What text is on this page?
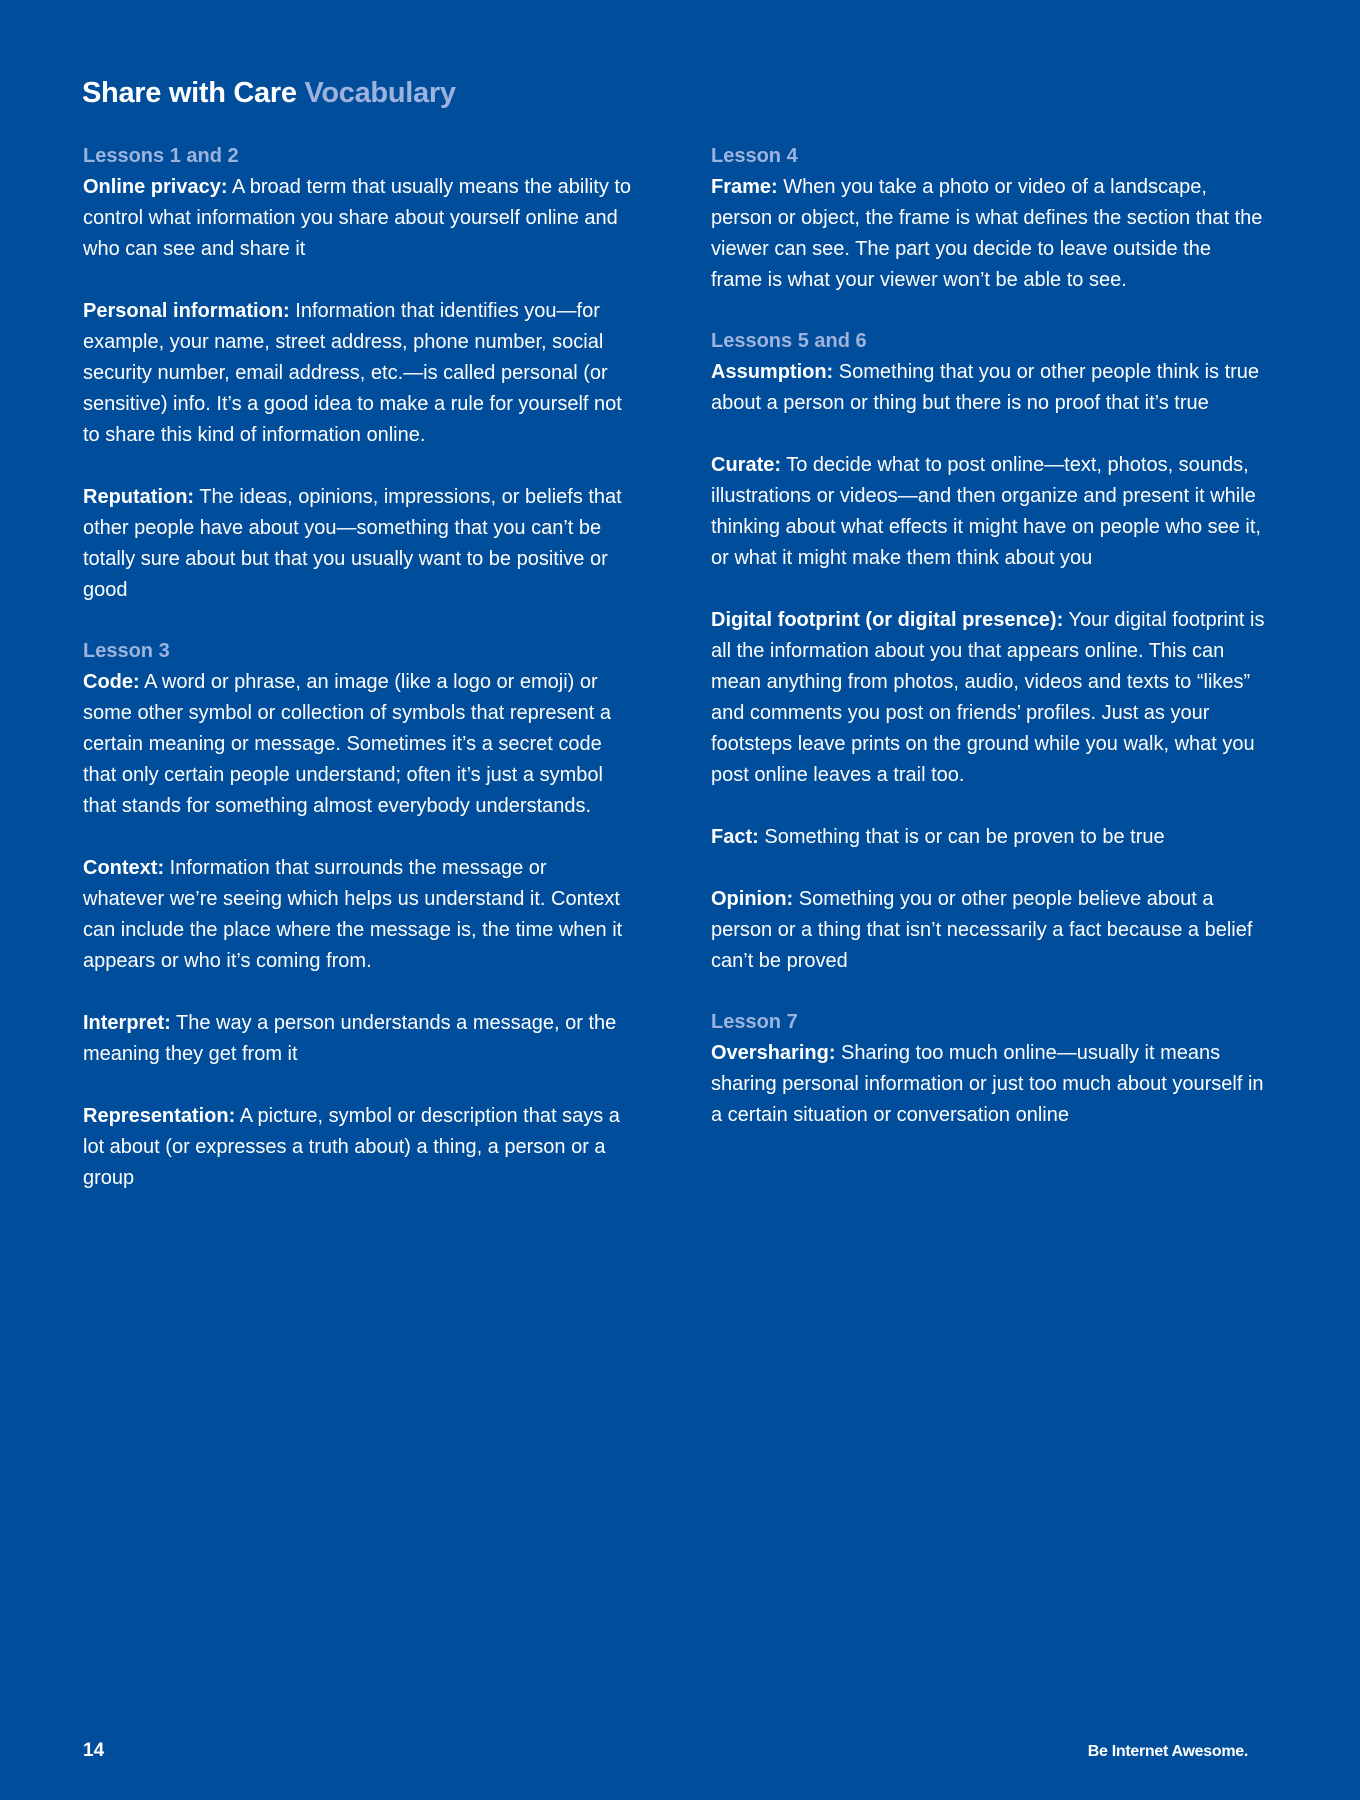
Share with Care Vocabulary
Lessons 1 and 2

Online privacy: A broad term that usually means the ability to control what information you share about yourself online and who can see and share it

Personal information: Information that identifies you—for example, your name, street address, phone number, social security number, email address, etc.—is called personal (or sensitive) info. It’s a good idea to make a rule for yourself not to share this kind of information online.

Reputation: The ideas, opinions, impressions, or beliefs that other people have about you—something that you can’t be totally sure about but that you usually want to be positive or good

Lesson 3

Code: A word or phrase, an image (like a logo or emoji) or some other symbol or collection of symbols that represent a certain meaning or message. Sometimes it’s a secret code that only certain people understand; often it’s just a symbol that stands for something almost everybody understands.

Context: Information that surrounds the message or whatever we’re seeing which helps us understand it. Context can include the place where the message is, the time when it appears or who it’s coming from.

Interpret: The way a person understands a message, or the meaning they get from it

Representation: A picture, symbol or description that says a lot about (or expresses a truth about) a thing, a person or a group

Lesson 4

Frame: When you take a photo or video of a landscape, person or object, the frame is what defines the section that the viewer can see. The part you decide to leave outside the frame is what your viewer won’t be able to see.

Lessons 5 and 6

Assumption: Something that you or other people think is true about a person or thing but there is no proof that it’s true

Curate: To decide what to post online—text, photos, sounds, illustrations or videos—and then organize and present it while thinking about what effects it might have on people who see it, or what it might make them think about you

Digital footprint (or digital presence): Your digital footprint is all the information about you that appears online. This can mean anything from photos, audio, videos and texts to “likes” and comments you post on friends’ profiles. Just as your footsteps leave prints on the ground while you walk, what you post online leaves a trail too.

Fact: Something that is or can be proven to be true

Opinion: Something you or other people believe about a person or a thing that isn’t necessarily a fact because a belief can’t be proved

Lesson 7

Oversharing: Sharing too much online—usually it means sharing personal information or just too much about yourself in a certain situation or conversation online

14	Be Internet Awesome.
